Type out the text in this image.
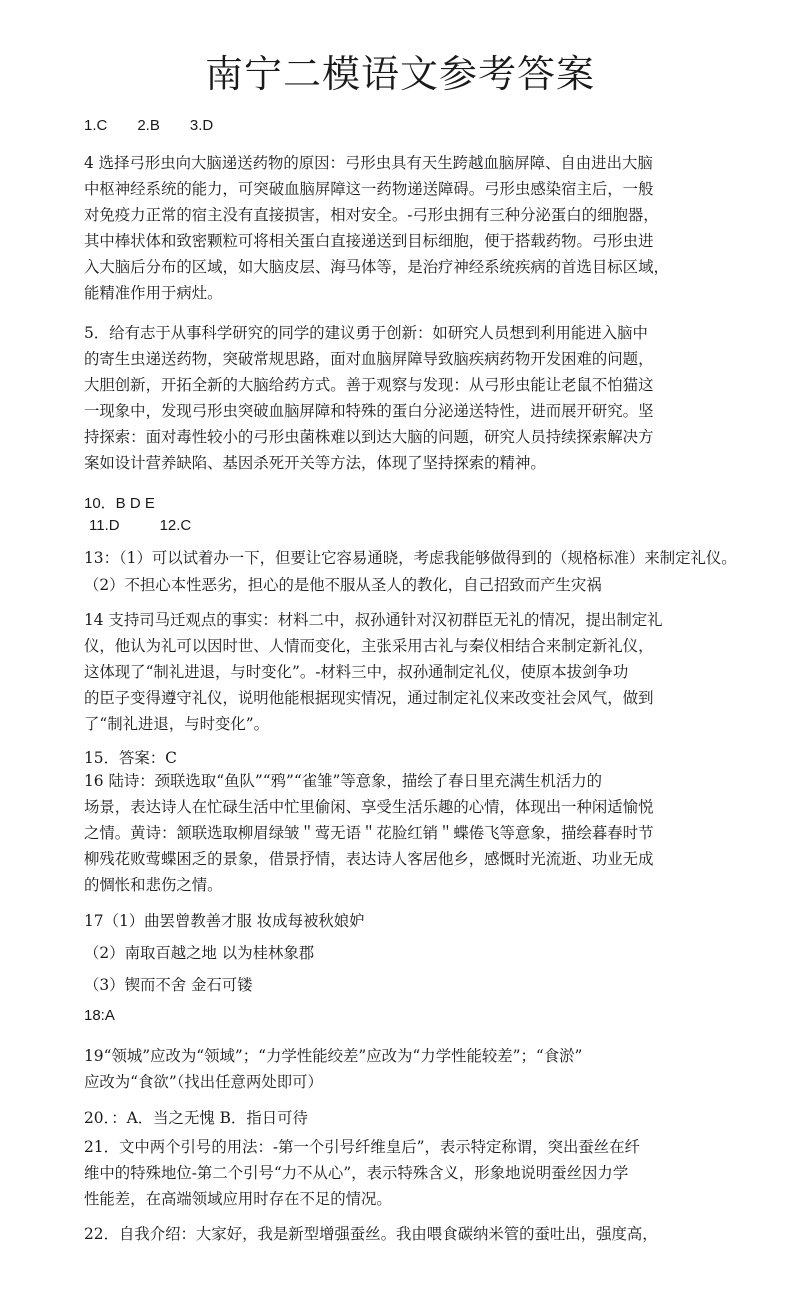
南宁二模语文参考答案
1.C 2.B 3.D
4 选择弓形虫向大脑递送药物的原因：弓形虫具有天生跨越血脑屏障、自由进出大脑
中枢神经系统的能力，可突破血脑屏障这一药物递送障碍。弓形虫感染宿主后，一般
对免疫力正常的宿主没有直接损害，相对安全。-弓形虫拥有三种分泌蛋白的细胞器，
其中棒状体和致密颗粒可将相关蛋白直接递送到目标细胞，便于搭载药物。弓形虫进
入大脑后分布的区域，如大脑皮层、海马体等，是治疗神经系统疾病的首选目标区域，
能精准作用于病灶。
5．给有志于从事科学研究的同学的建议勇于创新：如研究人员想到利用能进入脑中
的寄生虫递送药物，突破常规思路，面对血脑屏障导致脑疾病药物开发困难的问题，
大胆创新，开拓全新的大脑给药方式。善于观察与发现：从弓形虫能让老鼠不怕猫这
一现象中，发现弓形虫突破血脑屏障和特殊的蛋白分泌递送特性，进而展开研究。坚
持探索：面对毒性较小的弓形虫菌株难以到达大脑的问题，研究人员持续探索解决方
案如设计营养缺陷、基因杀死开关等方法，体现了坚持探索的精神。
10．B D E
11.D	12.C
13：（1）可以试着办一下，但要让它容易通晓，考虑我能够做得到的（规格标准）来制定礼仪。
（2）不担心本性恶劣，担心的是他不服从圣人的教化，自己招致而产生灾祸
14 支持司马迁观点的事实：材料二中，叔孙通针对汉初群臣无礼的情况，提出制定礼
仪，他认为礼可以因时世、人情而变化，主张采用古礼与秦仪相结合来制定新礼仪，
这体现了“制礼进退，与时变化”。-材料三中，叔孙通制定礼仪，使原本拔剑争功
的臣子变得遵守礼仪，说明他能根据现实情况，通过制定礼仪来改变社会风气，做到
了“制礼进退，与时变化”。
15．答案：C
16 陆诗：颈联选取“鱼队”“鸦”“雀雏”等意象，描绘了春日里充满生机活力的
场景，表达诗人在忙碌生活中忙里偷闲、享受生活乐趣的心情，体现出一种闲适愉悦
之情。黄诗：颔联选取柳眉绿皱＂莺无语＂花脸红销＂蝶倦飞等意象，描绘暮春时节
柳残花败莺蝶困乏的景象，借景抒情，表达诗人客居他乡，感慨时光流逝、功业无成
的惆怅和悲伤之情。
17（1）曲罢曾教善才服 妆成每被秋娘妒
（2）南取百越之地 以为桂林象郡
（3）锲而不舍 金石可镂
18:A
19“领城”应改为“领域”；“力学性能绞差”应改为“力学性能较差”；“食淤”
应改为“食欲”（找出任意两处即可）
20．：A．当之无愧 B．指日可待
21．文中两个引号的用法：-第一个引号纤维皇后”，表示特定称谓，突出蚕丝在纤
维中的特殊地位-第二个引号“力不从心”，表示特殊含义，形象地说明蚕丝因力学
性能差，在高端领域应用时存在不足的情况。
22．自我介绍：大家好，我是新型增强蚕丝。我由喂食碳纳米管的蚕吐出，强度高，
